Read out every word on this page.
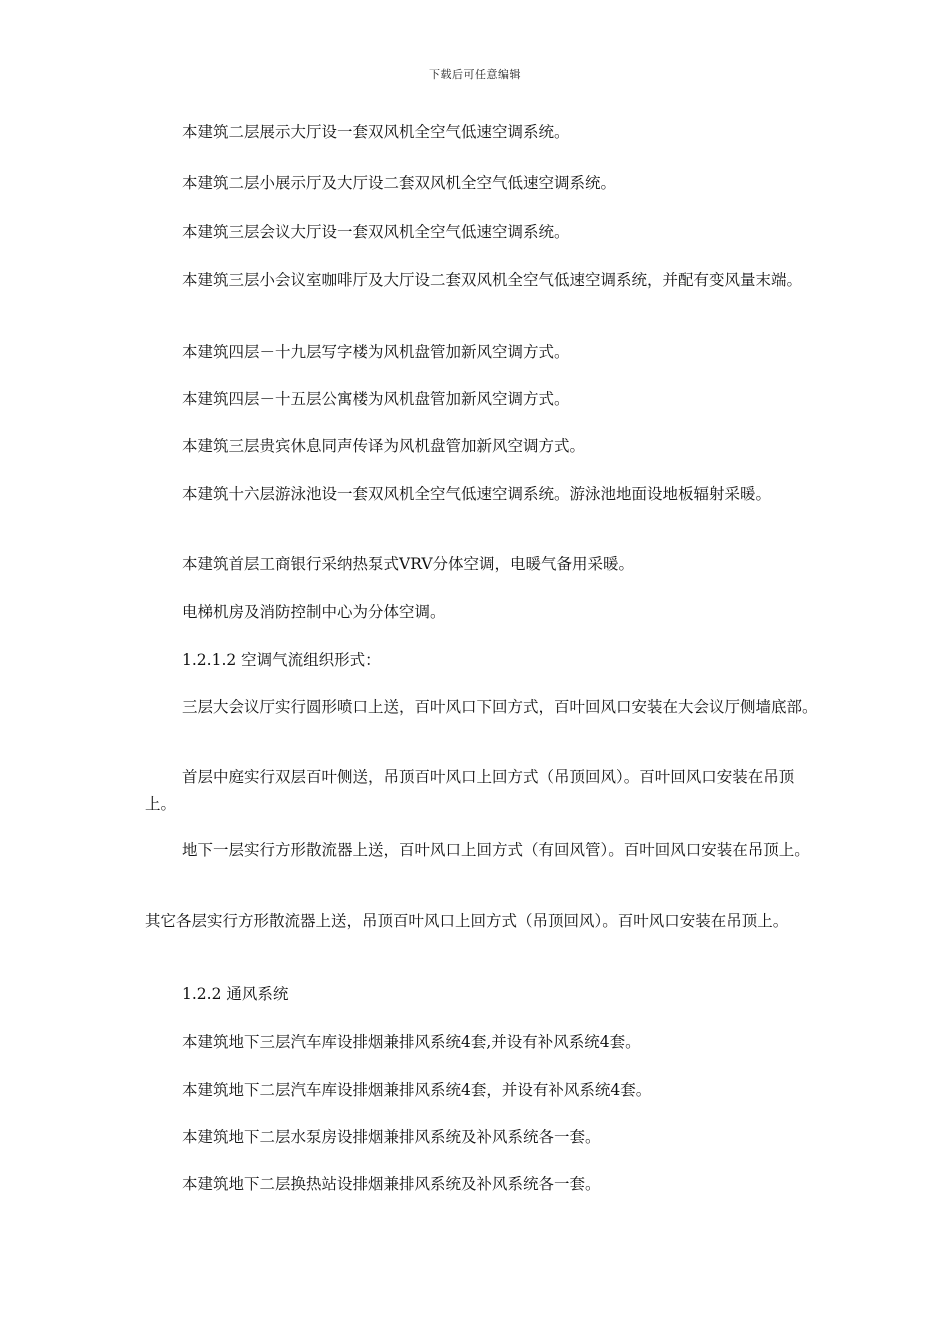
下载后可任意编辑

本建筑二层展示大厅设一套双风机全空气低速空调系统。

本建筑二层小展示厅及大厅设二套双风机全空气低速空调系统。

本建筑三层会议大厅设一套双风机全空气低速空调系统。

本建筑三层小会议室咖啡厅及大厅设二套双风机全空气低速空调系统，并配有变风量末端。

本建筑四层－十九层写字楼为风机盘管加新风空调方式。

本建筑四层－十五层公寓楼为风机盘管加新风空调方式。

本建筑三层贵宾休息同声传译为风机盘管加新风空调方式。

本建筑十六层游泳池设一套双风机全空气低速空调系统。游泳池地面设地板辐射采暖。

本建筑首层工商银行采纳热泵式VRV分体空调，电暖气备用采暖。

电梯机房及消防控制中心为分体空调。

1.2.1.2 空调气流组织形式：

三层大会议厅实行圆形喷口上送，百叶风口下回方式，百叶回风口安装在大会议厅侧墙底部。

首层中庭实行双层百叶侧送，吊顶百叶风口上回方式（吊顶回风）。百叶回风口安装在吊顶上。

地下一层实行方形散流器上送，百叶风口上回方式（有回风管）。百叶回风口安装在吊顶上。

其它各层实行方形散流器上送，吊顶百叶风口上回方式（吊顶回风）。百叶风口安装在吊顶上。

1.2.2 通风系统

本建筑地下三层汽车库设排烟兼排风系统4套,并设有补风系统4套。

本建筑地下二层汽车库设排烟兼排风系统4套，并设有补风系统4套。

本建筑地下二层水泵房设排烟兼排风系统及补风系统各一套。

本建筑地下二层换热站设排烟兼排风系统及补风系统各一套。
